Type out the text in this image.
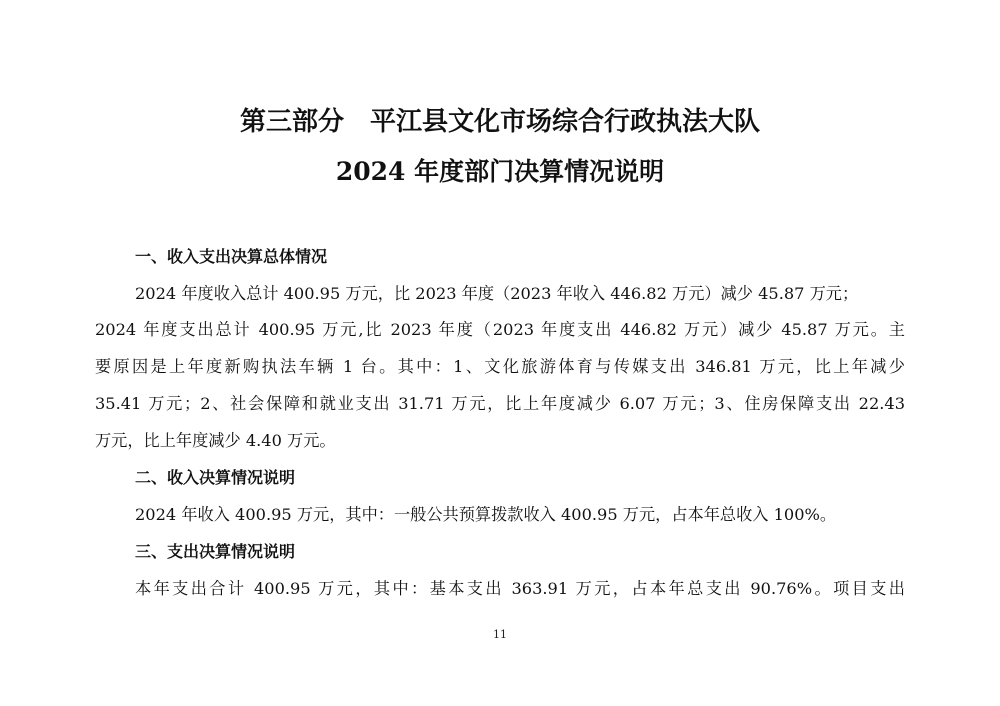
第三部分　平江县文化市场综合行政执法大队
2024 年度部门决算情况说明
一、收入支出决算总体情况
2024 年度收入总计 400.95 万元，比 2023 年度（2023 年收入 446.82 万元）减少 45.87 万元；
2024 年度支出总计 400.95 万元,比 2023 年度（2023 年度支出 446.82 万元）减少 45.87 万元。主
要原因是上年度新购执法车辆 1 台。其中：1、文化旅游体育与传媒支出 346.81 万元，比上年减少
35.41 万元；2、社会保障和就业支出 31.71 万元，比上年度减少 6.07 万元；3、住房保障支出 22.43
万元，比上年度减少 4.40 万元。
二、收入决算情况说明
2024 年收入 400.95 万元，其中：一般公共预算拨款收入 400.95 万元，占本年总收入 100%。
三、支出决算情况说明
本年支出合计 400.95 万元，其中：基本支出 363.91 万元，占本年总支出 90.76%。项目支出
11
